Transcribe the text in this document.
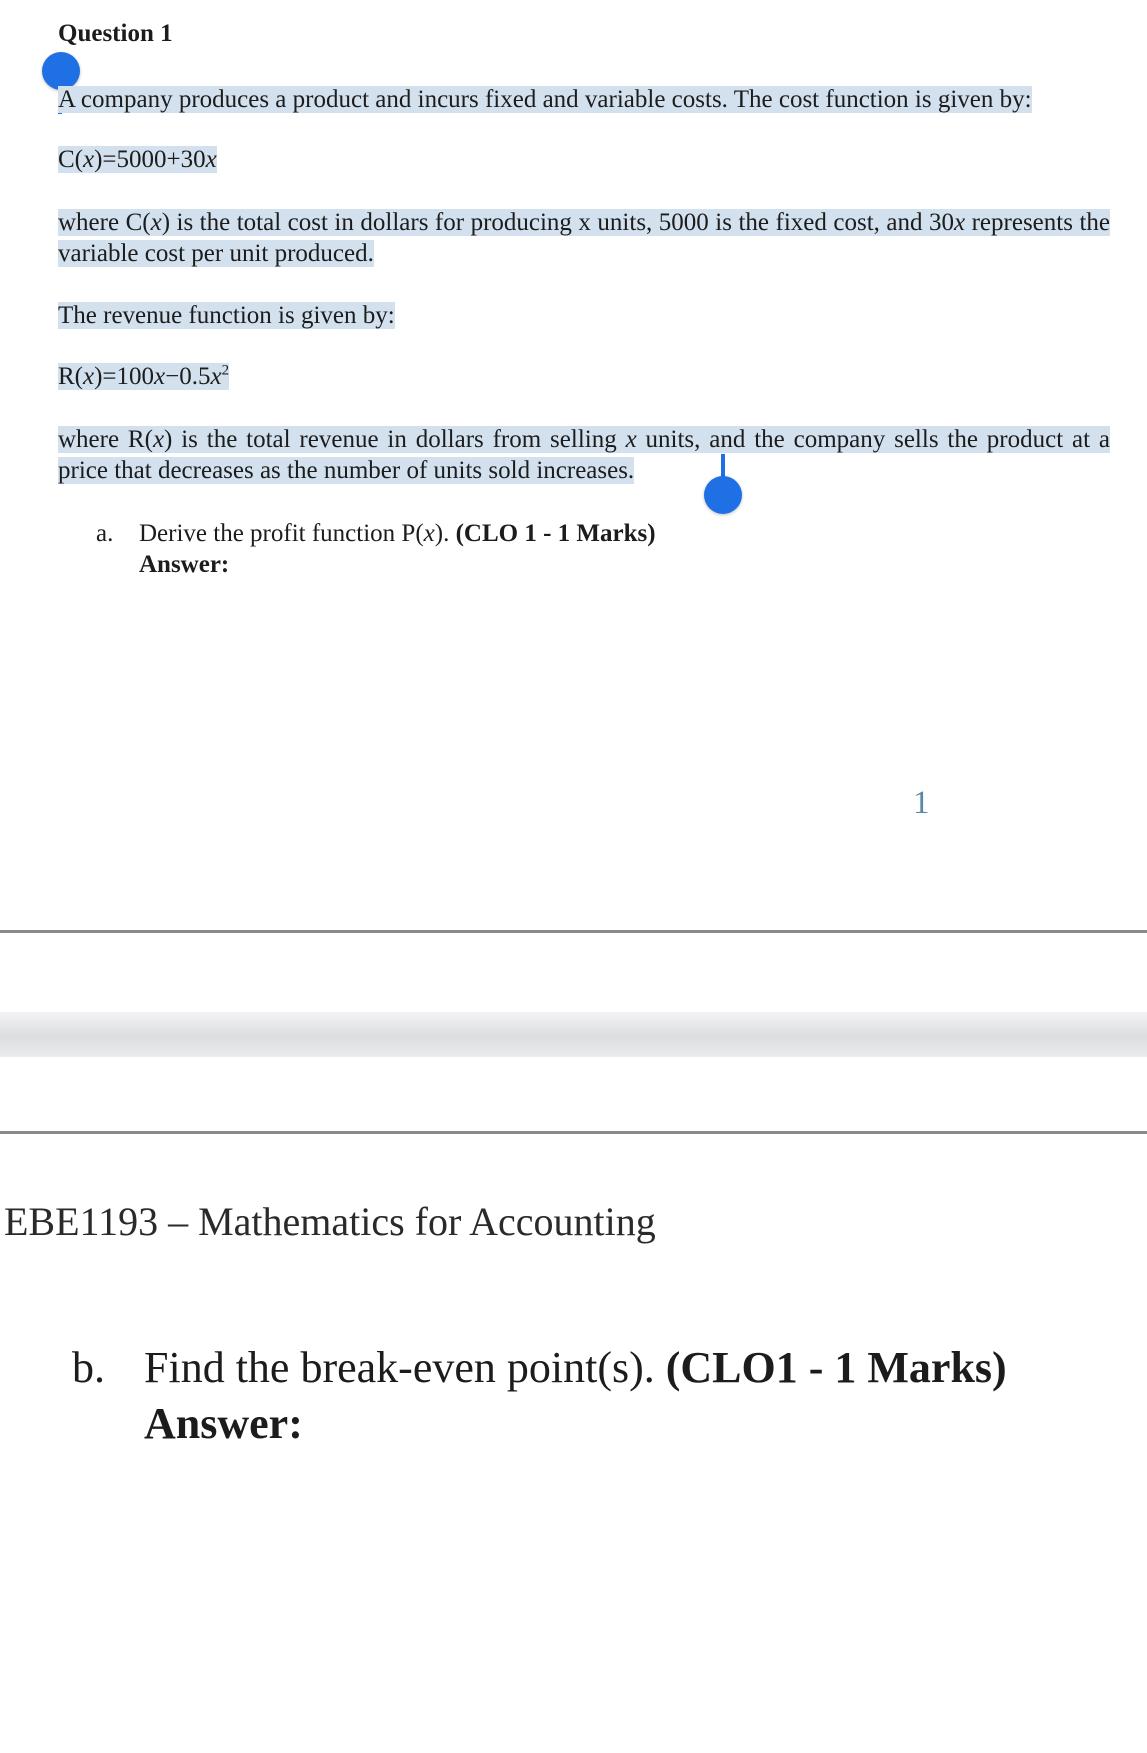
Question 1

A company produces a product and incurs fixed and variable costs. The cost function is given by:

C(x)=5000+30x

where C(x) is the total cost in dollars for producing x units, 5000 is the fixed cost, and 30x represents the variable cost per unit produced.

The revenue function is given by:

$R(x)=100x-0.5x^2$

where R(x) is the total revenue in dollars from selling x units, and the company sells the product at a price that decreases as the number of units sold increases.

a. Derive the profit function P(x). (CLO 1 - 1 Marks)
Answer:

1

EBE1193 – Mathematics for Accounting

b. Find the break-even point(s). (CLO1 - 1 Marks)
Answer:
